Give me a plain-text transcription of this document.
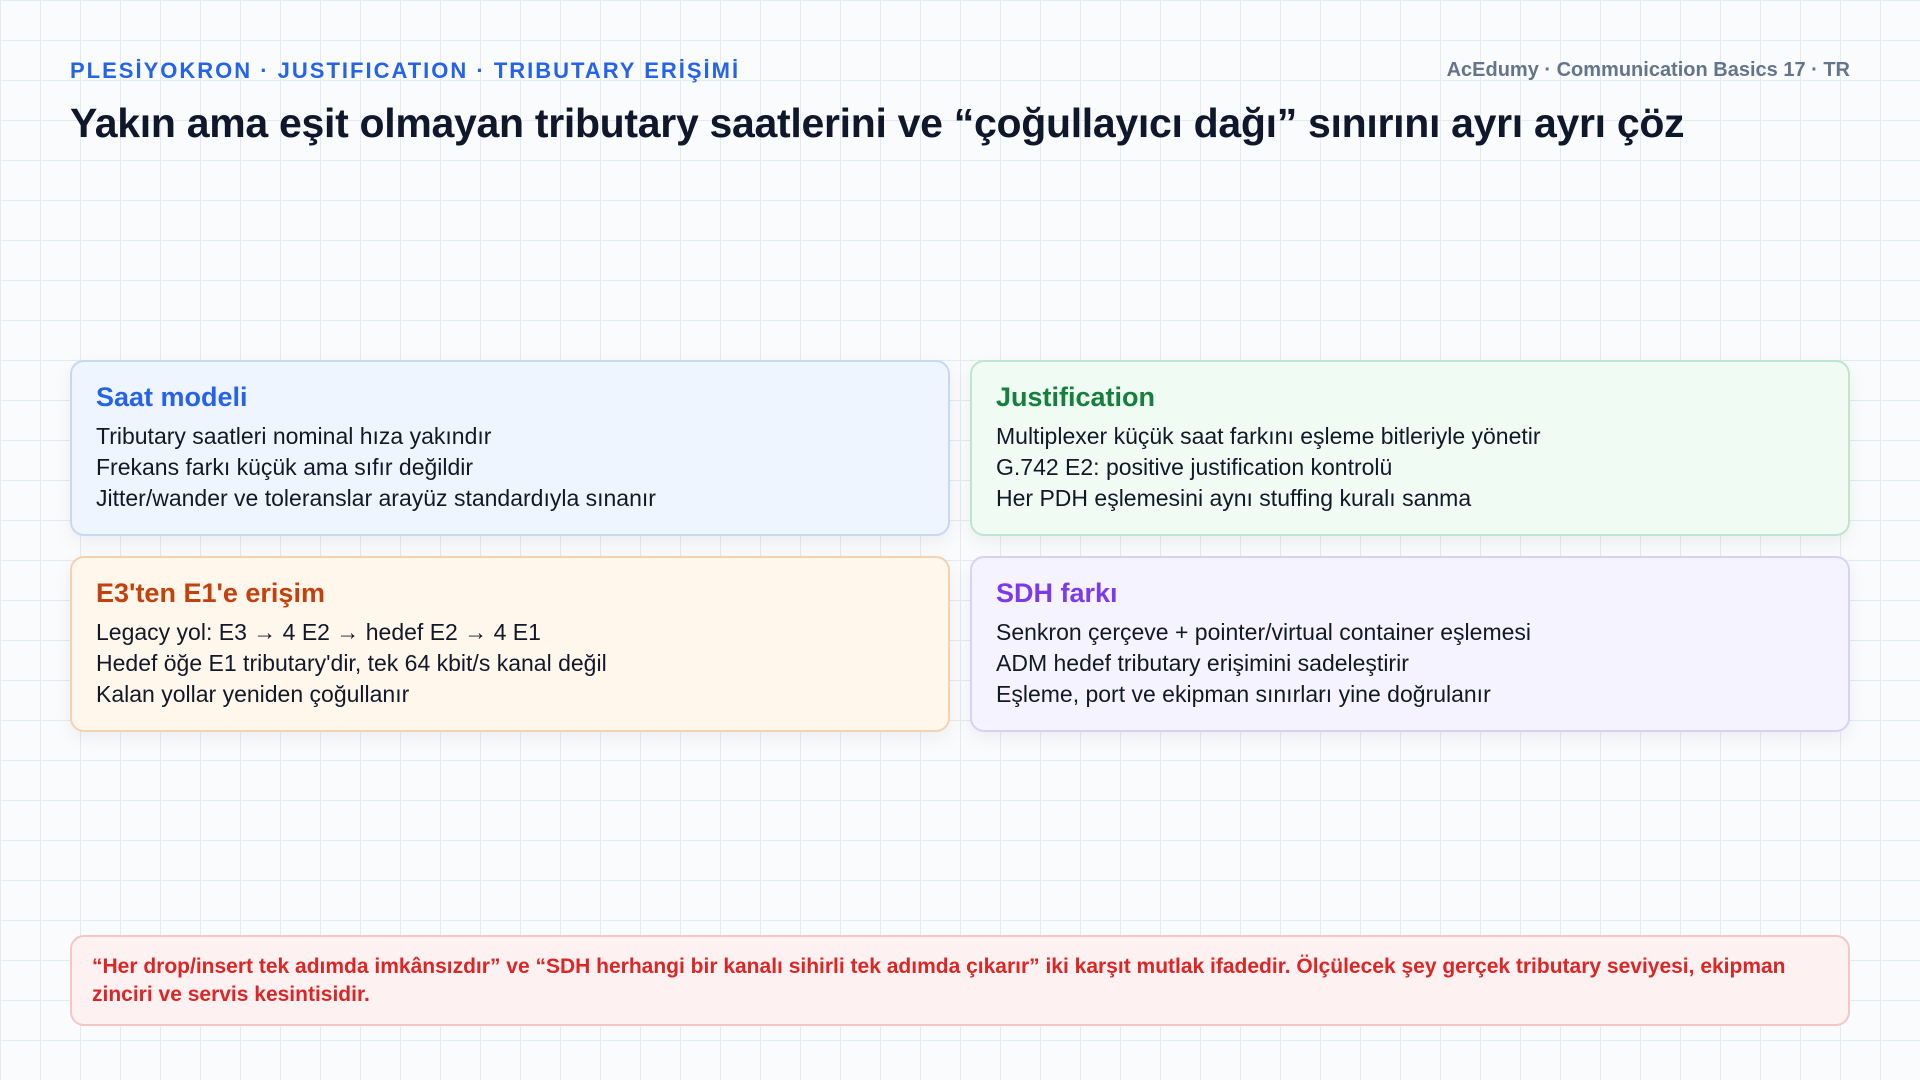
PLESİYOKRON · JUSTIFICATION · TRIBUTARY ERİŞİMİ	AcEdumy · Communication Basics 17 · TR
Yakın ama eşit olmayan tributary saatlerini ve “çoğullayıcı dağı” sınırını ayrı ayrı çöz
Saat modeli
Tributary saatleri nominal hıza yakındır
Frekans farkı küçük ama sıfır değildir
Jitter/wander ve toleranslar arayüz standardıyla sınanır
Justification
Multiplexer küçük saat farkını eşleme bitleriyle yönetir
G.742 E2: positive justification kontrolü
Her PDH eşlemesini aynı stuffing kuralı sanma
E3'ten E1'e erişim
Legacy yol: E3 → 4 E2 → hedef E2 → 4 E1
Hedef öğe E1 tributary'dir, tek 64 kbit/s kanal değil
Kalan yollar yeniden çoğullanır
SDH farkı
Senkron çerçeve + pointer/virtual container eşlemesi
ADM hedef tributary erişimini sadeleştirir
Eşleme, port ve ekipman sınırları yine doğrulanır
“Her drop/insert tek adımda imkânsızdır” ve “SDH herhangi bir kanalı sihirli tek adımda çıkarır” iki karşıt mutlak ifadedir. Ölçülecek şey gerçek tributary seviyesi, ekipman zinciri ve servis kesintisidir.
